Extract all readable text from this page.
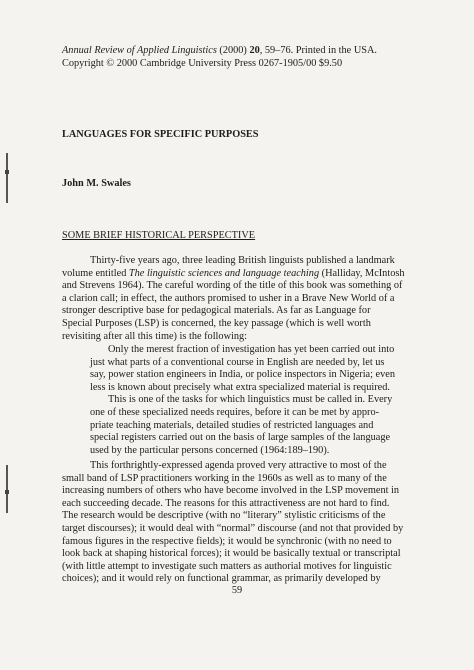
Annual Review of Applied Linguistics (2000) 20, 59–76. Printed in the USA.
Copyright © 2000 Cambridge University Press 0267-1905/00 $9.50
LANGUAGES FOR SPECIFIC PURPOSES
John M. Swales
SOME BRIEF HISTORICAL PERSPECTIVE
Thirty-five years ago, three leading British linguists published a landmark
volume entitled The linguistic sciences and language teaching (Halliday, McIntosh
and Strevens 1964). The careful wording of the title of this book was something of
a clarion call; in effect, the authors promised to usher in a Brave New World of a
stronger descriptive base for pedagogical materials. As far as Language for
Special Purposes (LSP) is concerned, the key passage (which is well worth
revisiting after all this time) is the following:
Only the merest fraction of investigation has yet been carried out into
just what parts of a conventional course in English are needed by, let us
say, power station engineers in India, or police inspectors in Nigeria; even
less is known about precisely what extra specialized material is required.
This is one of the tasks for which linguistics must be called in. Every
one of these specialized needs requires, before it can be met by appro-
priate teaching materials, detailed studies of restricted languages and
special registers carried out on the basis of large samples of the language
used by the particular persons concerned (1964:189–190).
This forthrightly-expressed agenda proved very attractive to most of the
small band of LSP practitioners working in the 1960s as well as to many of the
increasing numbers of others who have become involved in the LSP movement in
each succeeding decade. The reasons for this attractiveness are not hard to find.
The research would be descriptive (with no “literary” stylistic criticisms of the
target discourses); it would deal with “normal” discourse (and not that provided by
famous figures in the respective fields); it would be synchronic (with no need to
look back at shaping historical forces); it would be basically textual or transcriptal
(with little attempt to investigate such matters as authorial motives for linguistic
choices); and it would rely on functional grammar, as primarily developed by
59
